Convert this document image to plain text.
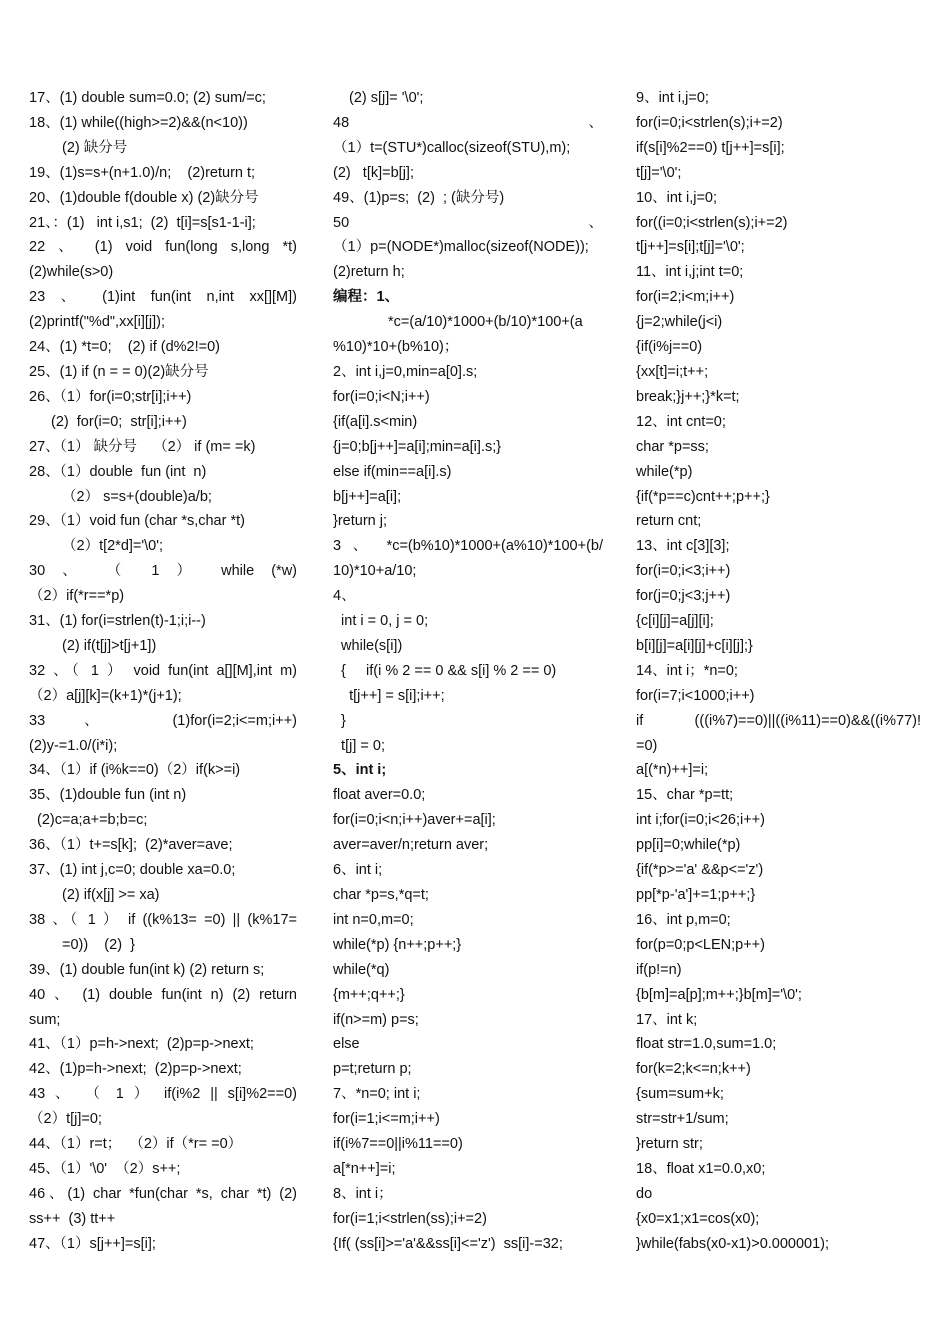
17、(1) double sum=0.0; (2) sum/=c;
18、(1) while((high>=2)&&(n<10))
(2) 缺分号
19、(1)s=s+(n+1.0)/n;    (2)return t;
20、(1)double f(double x) (2)缺分号
21、：(1)   int i,s1;  (2)  t[i]=s[s1-1-i];
22 、 (1) void fun(long s,long *t)
(2)while(s>0)
23 、 (1)int fun(int n,int xx[][M])
(2)printf("%d",xx[i][j]);
24、(1) *t=0;    (2) if (d%2!=0)
25、(1) if (n = = 0)(2)缺分号
26、（1）for(i=0;str[i];i++)
(2)  for(i=0;  str[i];i++)
27、（1） 缺分号    （2） if (m= =k)
28、（1）double  fun (int  n)
（2） s=s+(double)a/b;
29、（1）void fun (char *s,char *t)
（2）t[2*d]='\0';
30 、 （ 1 ） while (*w)
（2）if(*r==*p)
31、(1) for(i=strlen(t)-1;i;i--)
(2) if(t[j]>t[j+1])
32 、（ 1 ） void fun(int a[][M],int m)
（2）a[j][k]=(k+1)*(j+1);
33 、 (1)for(i=2;i<=m;i++)
(2)y-=1.0/(i*i);
34、（1）if (i%k==0)（2）if(k>=i)
35、(1)double fun (int n)
(2)c=a;a+=b;b=c;
36、（1）t+=s[k];  (2)*aver=ave;
37、(1) int j,c=0; double xa=0.0;
(2) if(x[j] >= xa)
38 、（ 1 ） if ((k%13= =0) || (k%17=
=0))    (2)  }
39、(1) double fun(int k) (2) return s;
40 、 (1) double fun(int n) (2) return
sum;
41、（1）p=h->next;  (2)p=p->next;
42、(1)p=h->next;  (2)p=p->next;
43 、 （ 1 ） if(i%2 || s[i]%2==0)
（2）t[j]=0;
44、（1）r=t；  （2）if（*r= =0）
45、（1）'\0'  （2）s++;
46、(1) char *fun(char *s, char *t) (2)
ss++  (3) tt++
47、（1）s[j++]=s[i];
(2) s[j]= '\0';
48 、
（1）t=(STU*)calloc(sizeof(STU),m);
(2)   t[k]=b[j];
49、(1)p=s;  (2)  ; (缺分号)
50 、
（1）p=(NODE*)malloc(sizeof(NODE));
(2)return h;
编程：1、
*c=(a/10)*1000+(b/10)*100+(a
%10)*10+(b%10)；
2、int i,j=0,min=a[0].s;
for(i=0;i<N;i++)
{if(a[i].s<min)
{j=0;b[j++]=a[i];min=a[i].s;}
else if(min==a[i].s)
b[j++]=a[i];
}return j;
3 、 *c=(b%10)*1000+(a%10)*100+(b/
10)*10+a/10;
4、
int i = 0, j = 0;
while(s[i])
{     if(i % 2 == 0 && s[i] % 2 == 0)
t[j++] = s[i];i++;
}
t[j] = 0;
5、int i;
float aver=0.0;
for(i=0;i<n;i++)aver+=a[i];
aver=aver/n;return aver;
6、int i;
char *p=s,*q=t;
int n=0,m=0;
while(*p) {n++;p++;}
while(*q)
{m++;q++;}
if(n>=m) p=s;
else
p=t;return p;
7、*n=0; int i;
for(i=1;i<=m;i++)
if(i%7==0||i%11==0)
a[*n++]=i;
8、int i；
for(i=1;i<strlen(ss);i+=2)
{If( (ss[i]>='a'&&ss[i]<='z')  ss[i]-=32;
9、int i,j=0;
for(i=0;i<strlen(s);i+=2)
if(s[i]%2==0) t[j++]=s[i];
t[j]='\0';
10、int i,j=0;
for((i=0;i<strlen(s);i+=2)
t[j++]=s[i];t[j]='\0';
11、int i,j;int t=0;
for(i=2;i<m;i++)
{j=2;while(j<i)
{if(i%j==0)
{xx[t]=i;t++;
break;}j++;}*k=t;
12、int cnt=0;
char *p=ss;
while(*p)
{if(*p==c)cnt++;p++;}
return cnt;
13、int c[3][3];
for(i=0;i<3;i++)
for(j=0;j<3;j++)
{c[i][j]=a[j][i];
b[i][j]=a[i][j]+c[i][j];}
14、int i；*n=0;
for(i=7;i<1000;i++)
if (((i%7)==0)||((i%11)==0)&&((i%77)!
=0)
a[(*n)++]=i;
15、char *p=tt;
int i;for(i=0;i<26;i++)
pp[i]=0;while(*p)
{if(*p>='a' &&p<='z')
pp[*p-'a']+=1;p++;}
16、int p,m=0;
for(p=0;p<LEN;p++)
if(p!=n)
{b[m]=a[p];m++;}b[m]='\0';
17、int k;
float str=1.0,sum=1.0;
for(k=2;k<=n;k++)
{sum=sum+k;
str=str+1/sum;
}return str;
18、float x1=0.0,x0;
do
{x0=x1;x1=cos(x0);
}while(fabs(x0-x1)>0.000001);
